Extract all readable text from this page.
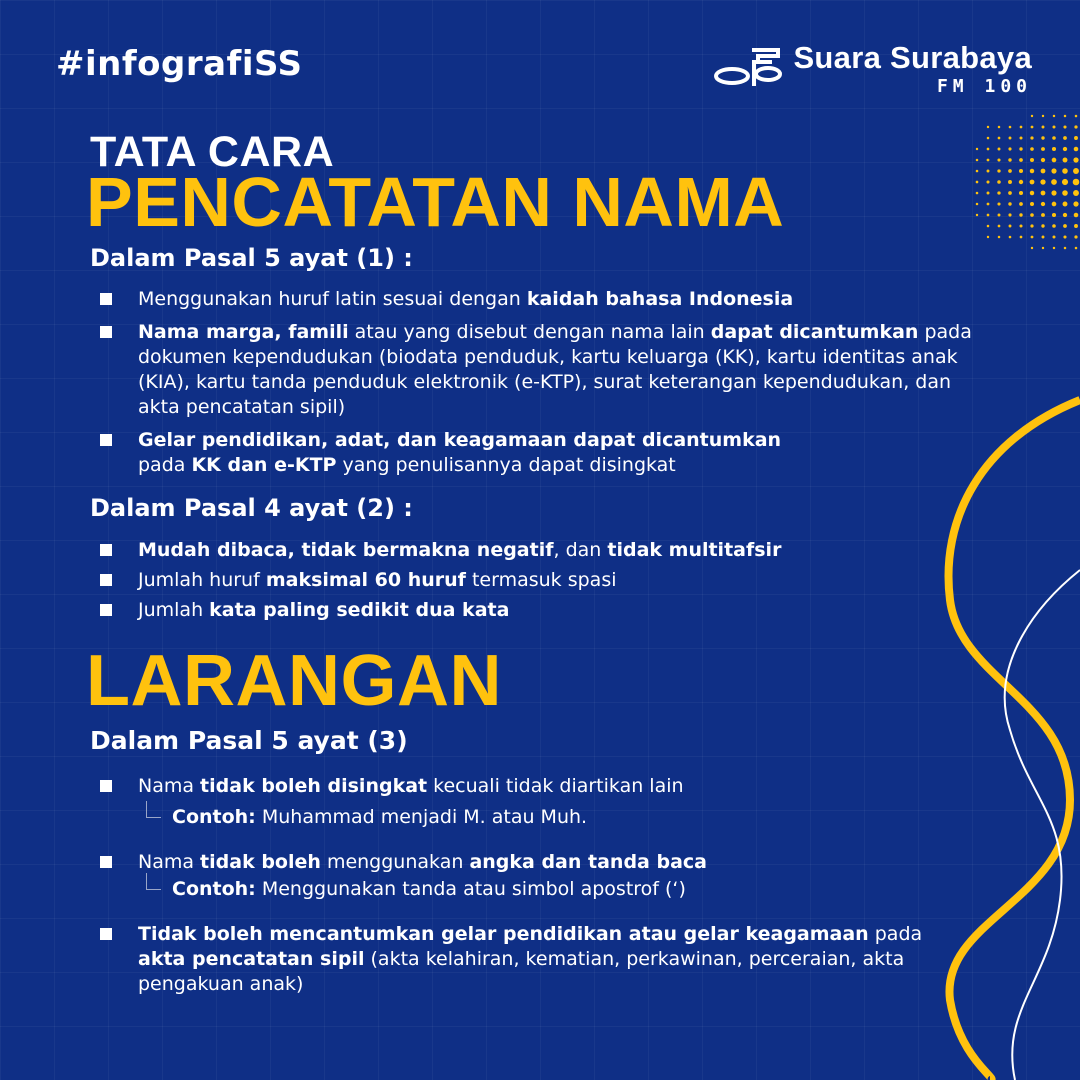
#infografiSS	Suara Surabaya
FM 100
TATA CARA
PENCATATAN NAMA
Dalam Pasal 5 ayat (1) :
Menggunakan huruf latin sesuai dengan kaidah bahasa Indonesia
Nama marga, famili atau yang disebut dengan nama lain dapat dicantumkan pada dokumen kependudukan (biodata penduduk, kartu keluarga (KK), kartu identitas anak (KIA), kartu tanda penduduk elektronik (e-KTP), surat keterangan kependudukan, dan akta pencatatan sipil)
Gelar pendidikan, adat, dan keagamaan dapat dicantumkan
pada KK dan e-KTP yang penulisannya dapat disingkat
Dalam Pasal 4 ayat (2) :
Mudah dibaca, tidak bermakna negatif, dan tidak multitafsir
Jumlah huruf maksimal 60 huruf termasuk spasi
Jumlah kata paling sedikit dua kata
LARANGAN
Dalam Pasal 5 ayat (3)
Nama tidak boleh disingkat kecuali tidak diartikan lain
Contoh: Muhammad menjadi M. atau Muh.
Nama tidak boleh menggunakan angka dan tanda baca
Contoh: Menggunakan tanda atau simbol apostrof (‘)
Tidak boleh mencantumkan gelar pendidikan atau gelar keagamaan pada
akta pencatatan sipil (akta kelahiran, kematian, perkawinan, perceraian, akta pengakuan anak)
